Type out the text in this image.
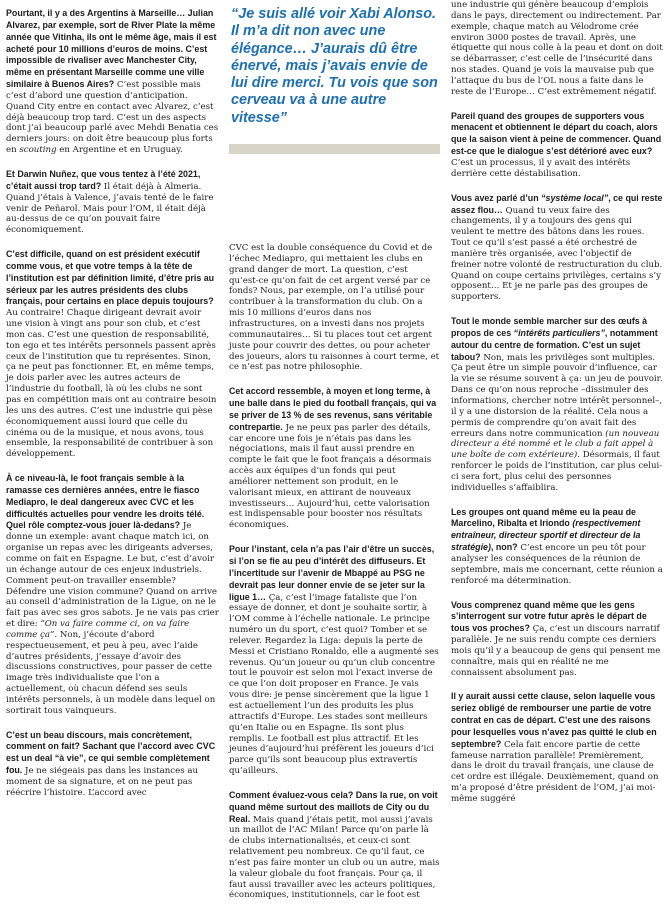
Pourtant, il y a des Argentins à Marseille… Julian Alvarez, par exemple, sort de River Plate la même année que Vitinha, ils ont le même âge, mais il est acheté pour 10 millions d’euros de moins. C’est impossible de rivaliser avec Manchester City, même en présentant Marseille comme une ville similaire à Buenos Aires? C’est possible mais c’est d’abord une question d’anticipation. Quand City entre en contact avec Alvarez, c’est déjà beaucoup trop tard. C’est un des aspects dont j’ai beaucoup parlé avec Mehdi Benatia ces derniers jours: on doit être beaucoup plus forts en scouting en Argentine et en Uruguay.

Et Darwin Nuñez, que vous tentez à l’été 2021, c’était aussi trop tard? Il était déjà à Almeria. Quand j’étais à Valence, j’avais tenté de le faire venir de Peñarol. Mais pour l’OM, il était déjà au-dessus de ce qu’on pouvait faire économiquement.

C’est difficile, quand on est président exécutif comme vous, et que votre temps à la tête de l’institution est par définition limité, d’être pris au sérieux par les autres présidents des clubs français, pour certains en place depuis toujours? Au contraire! Chaque dirigeant devrait avoir une vision à vingt ans pour son club, et c’est mon cas. C’est une question de responsabilité, ton ego et tes intérêts personnels passent après ceux de l’institution que tu représentes. Sinon, ça ne peut pas fonctionner. Et, en même temps, je dois parler avec les autres acteurs de l’industrie du football, là où les clubs ne sont pas en compétition mais ont au contraire besoin les uns des autres. C’est une industrie qui pèse économiquement aussi lourd que celle du cinéma ou de la musique, et nous avons, tous ensemble, la responsabilité de contribuer à son développement.

À ce niveau-là, le foot français semble à la ramasse ces dernières années, entre le fiasco Mediapro, le deal dangereux avec CVC et les difficultés actuelles pour vendre les droits télé. Quel rôle comptez-vous jouer là-dedans? Je donne un exemple: avant chaque match ici, on organise un repas avec les dirigeants adverses, comme on fait en Espagne. Le but, c’est d’avoir un échange autour de ces enjeux industriels. Comment peut-on travailler ensemble? Défendre une vision commune? Quand on arrive au conseil d’administration de la Ligue, on ne le fait pas avec ses gros sabots. Je ne vais pas crier et dire: “On va faire comme ci, on va faire comme ça”. Non, j’écoute d’abord respectueusement, et peu à peu, avec l’aide d’autres présidents, j’essaye d’avoir des discussions constructives, pour passer de cette image très individualiste que l’on a actuellement, où chacun défend ses seuls intérêts personnels, à un modèle dans lequel on sortirait tous vainqueurs.

C’est un beau discours, mais concrètement, comment on fait? Sachant que l’accord avec CVC est un deal “à vie”, ce qui semble complètement fou. Je ne siégeais pas dans les instances au moment de sa signature, et on ne peut pas réécrire l’histoire. L’accord avec

“Je suis allé voir Xabi Alonso. Il m’a dit non avec une élégance… J’aurais dû être énervé, mais j’avais envie de lui dire merci. Tu vois que son cerveau va à une autre vitesse”

CVC est la double conséquence du Covid et de l’échec Mediapro, qui mettaient les clubs en grand danger de mort. La question, c’est qu’est-ce qu’on fait de cet argent versé par ce fonds? Nous, par exemple, on l’a utilisé pour contribuer à la transformation du club. On a mis 10 millions d’euros dans nos infrastructures, on a investi dans nos projets communautaires… Si tu places tout cet argent juste pour couvrir des dettes, ou pour acheter des joueurs, alors tu raisonnes à court terme, et ce n’est pas notre philosophie.

Cet accord ressemble, à moyen et long terme, à une balle dans le pied du football français, qui va se priver de 13 % de ses revenus, sans véritable contrepartie. Je ne peux pas parler des détails, car encore une fois je n’étais pas dans les négociations, mais il faut aussi prendre en compte le fait que le foot français a désormais accès aux équipes d’un fonds qui peut améliorer nettement son produit, en le valorisant mieux, en attirant de nouveaux investisseurs… Aujourd’hui, cette valorisation est indispensable pour booster nos résultats économiques.

Pour l’instant, cela n’a pas l’air d’être un succès, si l’on se fie au peu d’intérêt des diffuseurs. Et l’incertitude sur l’avenir de Mbappé au PSG ne devrait pas leur donner envie de se jeter sur la ligue 1… Ça, c’est l’image fataliste que l’on essaye de donner, et dont je souhaite sortir, à l’OM comme à l’échelle nationale. Le principe numéro un du sport, c’est quoi? Tomber et se relever. Regardez la Liga: depuis la perte de Messi et Cristiano Ronaldo, elle a augmenté ses revenus. Qu’un joueur ou qu’un club concentre tout le pouvoir est selon moi l’exact inverse de ce que l’on doit proposer en France. Je vais vous dire: je pense sincèrement que la ligue 1 est actuellement l’un des produits les plus attractifs d’Europe. Les stades sont meilleurs qu’en Italie ou en Espagne. Ils sont plus remplis. Le football est plus attractif. Et les jeunes d’aujourd’hui préfèrent les joueurs d’ici parce qu’ils sont beaucoup plus extravertis qu’ailleurs.

Comment évaluez-vous cela? Dans la rue, on voit quand même surtout des maillots de City ou du Real. Mais quand j’étais petit, moi aussi j’avais un maillot de l’AC Milan! Parce qu’on parle là de clubs internationalisés, et ceux-ci sont relativement peu nombreux. Ce qu’il faut, ce n’est pas faire monter un club ou un autre, mais la valeur globale du foot français. Pour ça, il faut aussi travailler avec les acteurs politiques, économiques, institutionnels, car le foot est

une industrie qui génère beaucoup d’emplois dans le pays, directement ou indirectement. Par exemple, chaque match au Vélodrome crée environ 3000 postes de travail. Après, une étiquette qui nous colle à la peau et dont on doit se débarrasser, c’est celle de l’insécurité dans nos stades. Quand je vois la mauvaise pub que l’attaque du bus de l’OL nous a faite dans le reste de l’Europe… C’est extrêmement négatif.

Pareil quand des groupes de supporters vous menacent et obtiennent le départ du coach, alors que la saison vient à peine de commencer. Quand est-ce que le dialogue s’est détérioré avec eux? C’est un processus, il y avait des intérêts derrière cette déstabilisation.

Vous avez parlé d’un “système local”, ce qui reste assez flou… Quand tu veux faire des changements, il y a toujours des gens qui veulent te mettre des bâtons dans les roues. Tout ce qu’il s’est passé a été orchestré de manière très organisée, avec l’objectif de freiner notre volonté de restructuration du club. Quand on coupe certains privilèges, certains s’y opposent… Et je ne parle pas des groupes de supporters.

Tout le monde semble marcher sur des œufs à propos de ces “intérêts particuliers”, notamment autour du centre de formation. C’est un sujet tabou? Non, mais les privilèges sont multiples. Ça peut être un simple pouvoir d’influence, car la vie se résume souvent à ça: un jeu de pouvoir. Dans ce qu’on nous reproche –dissimuler des informations, chercher notre intérêt personnel–, il y a une distorsion de la réalité. Cela nous a permis de comprendre qu’on avait fait des erreurs dans notre communication (un nouveau directeur a été nommé et le club a fait appel à une boîte de com extérieure). Désormais, il faut renforcer le poids de l’institution, car plus celui-ci sera fort, plus celui des personnes individuelles s’affaiblira.

Les groupes ont quand même eu la peau de Marcelino, Ribalta et Iriondo (respectivement entraîneur, directeur sportif et directeur de la stratégie), non? C’est encore un peu tôt pour analyser les conséquences de la réunion de septembre, mais me concernant, cette réunion a renforcé ma détermination.

Vous comprenez quand même que les gens s’interrogent sur votre futur après le départ de tous vos proches? Ça, c’est un discours narratif parallèle. Je ne suis rendu compte ces derniers mois qu’il y a beaucoup de gens qui pensent me connaître, mais qui en réalité ne me connaissent absolument pas.

Il y aurait aussi cette clause, selon laquelle vous seriez obligé de rembourser une partie de votre contrat en cas de départ. C’est une des raisons pour lesquelles vous n’avez pas quitté le club en septembre? Cela fait encore partie de cette fameuse narration parallèle! Premièrement, dans le droit du travail français, une clause de cet ordre est illégale. Deuxièmement, quand on m’a proposé d’être président de l’OM, j’ai moi-même suggéré
